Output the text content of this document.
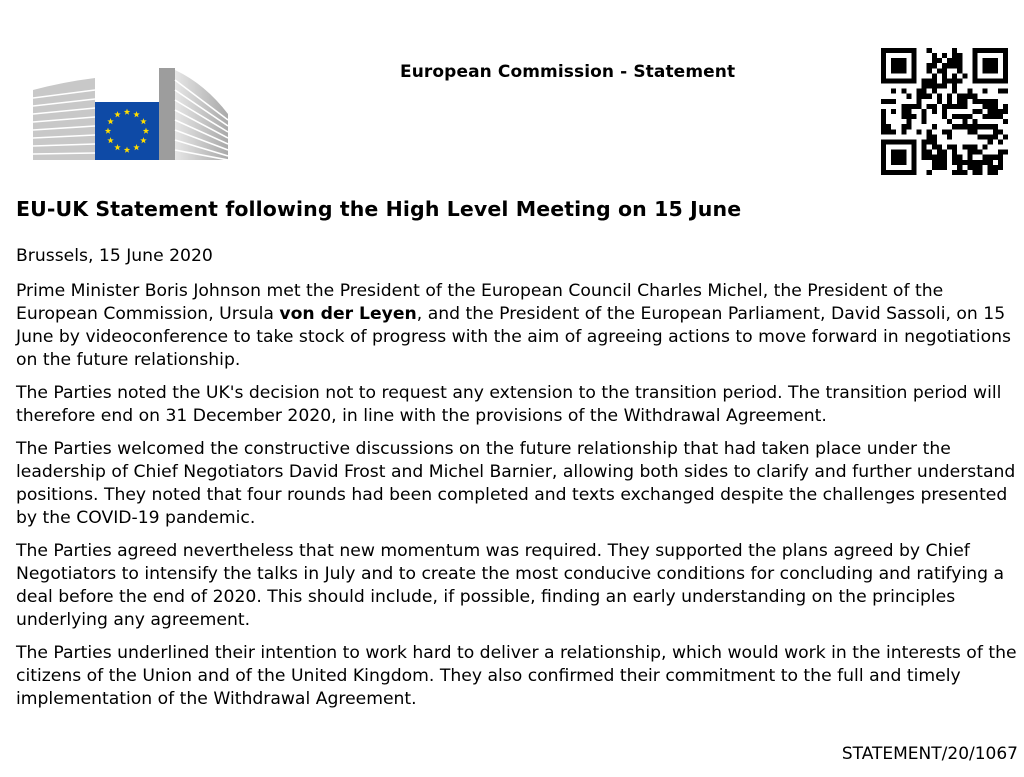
European Commission - Statement
EU-UK Statement following the High Level Meeting on 15 June

Brussels, 15 June 2020

Prime Minister Boris Johnson met the President of the European Council Charles Michel, the President of the European Commission, Ursula von der Leyen, and the President of the European Parliament, David Sassoli, on 15 June by videoconference to take stock of progress with the aim of agreeing actions to move forward in negotiations on the future relationship.

The Parties noted the UK's decision not to request any extension to the transition period. The transition period will therefore end on 31 December 2020, in line with the provisions of the Withdrawal Agreement.

The Parties welcomed the constructive discussions on the future relationship that had taken place under the leadership of Chief Negotiators David Frost and Michel Barnier, allowing both sides to clarify and further understand positions. They noted that four rounds had been completed and texts exchanged despite the challenges presented by the COVID-19 pandemic.

The Parties agreed nevertheless that new momentum was required. They supported the plans agreed by Chief Negotiators to intensify the talks in July and to create the most conducive conditions for concluding and ratifying a deal before the end of 2020. This should include, if possible, finding an early understanding on the principles underlying any agreement.

The Parties underlined their intention to work hard to deliver a relationship, which would work in the interests of the citizens of the Union and of the United Kingdom. They also confirmed their commitment to the full and timely implementation of the Withdrawal Agreement.

STATEMENT/20/1067
